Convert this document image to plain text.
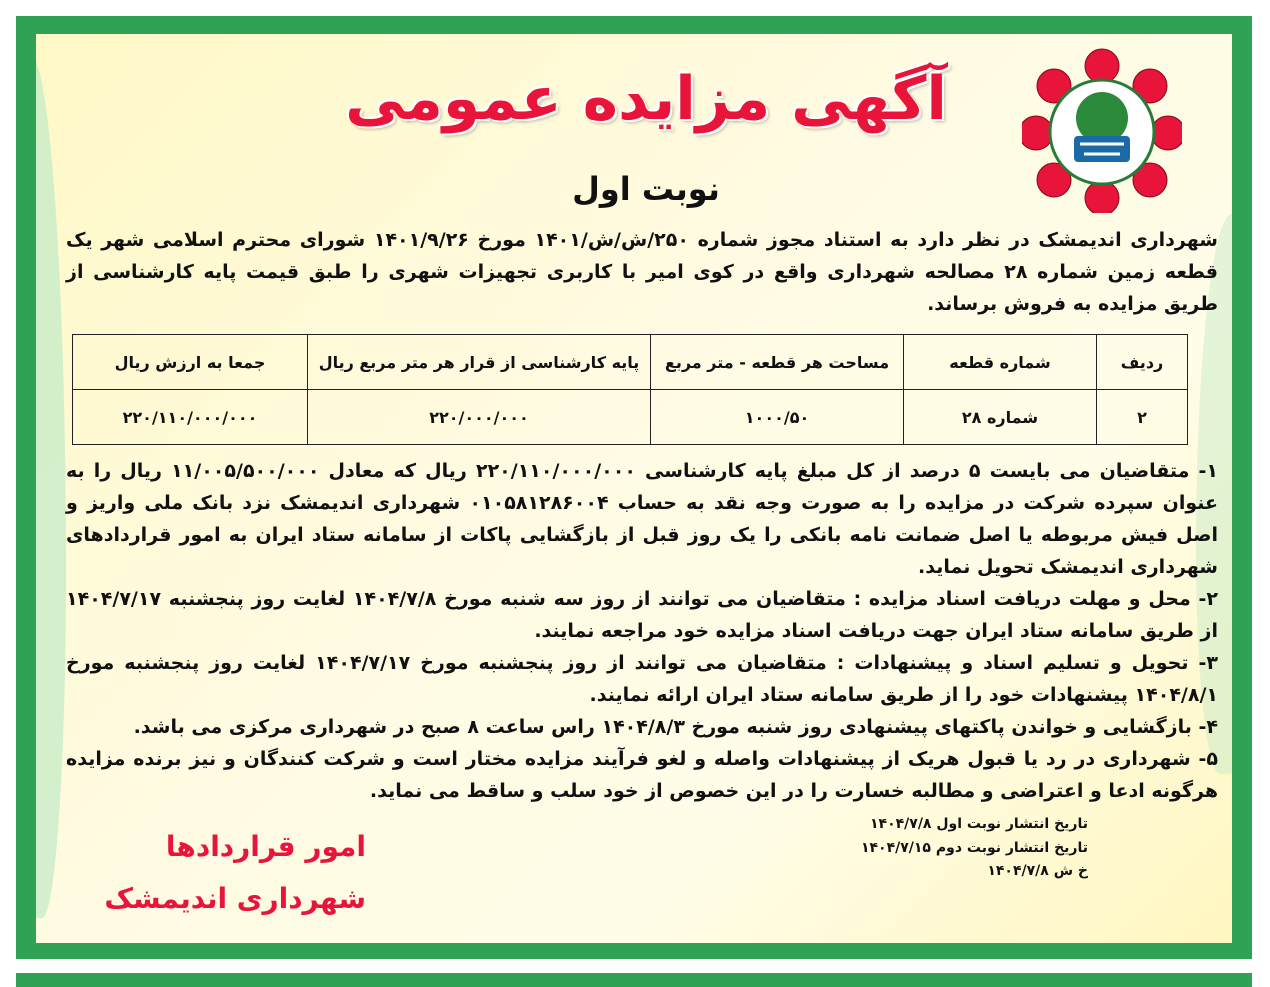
آگهی مزایده عمومی
نوبت اول

شهرداری اندیمشک در نظر دارد به استناد مجوز شماره ۲۵۰/ش/ش/۱۴۰۱ مورخ ۱۴۰۱/۹/۲۶ شورای محترم اسلامی شهر یک قطعه زمین شماره ۲۸ مصالحه شهرداری واقع در کوی امیر با کاربری تجهیزات شهری را طبق قیمت پایه کارشناسی از طریق مزایده به فروش برساند.

ردیف	شماره قطعه	مساحت هر قطعه - متر مربع	پایه کارشناسی از قرار هر متر مربع ریال	جمعا به ارزش ریال
۲	شماره ۲۸	۱۰۰۰/۵۰	۲۲۰/۰۰۰/۰۰۰	۲۲۰/۱۱۰/۰۰۰/۰۰۰

۱- متقاضیان می بایست ۵ درصد از کل مبلغ پایه کارشناسی ۲۲۰/۱۱۰/۰۰۰/۰۰۰ ریال که معادل ۱۱/۰۰۵/۵۰۰/۰۰۰ ریال را به عنوان سپرده شرکت در مزایده را به صورت وجه نقد به حساب ۰۱۰۵۸۱۲۸۶۰۰۴ شهرداری اندیمشک نزد بانک ملی واریز و اصل فیش مربوطه یا اصل ضمانت نامه بانکی را یک روز قبل از بازگشایی پاکات از سامانه ستاد ایران به امور قراردادهای شهرداری اندیمشک تحویل نماید.

۲- محل و مهلت دریافت اسناد مزایده : متقاضیان می توانند از روز سه شنبه مورخ ۱۴۰۴/۷/۸ لغایت روز پنجشنبه ۱۴۰۴/۷/۱۷ از طریق سامانه ستاد ایران جهت دریافت اسناد مزایده خود مراجعه نمایند.

۳- تحویل و تسلیم اسناد و پیشنهادات : متقاضیان می توانند از روز پنجشنبه مورخ ۱۴۰۴/۷/۱۷ لغایت روز پنجشنبه مورخ ۱۴۰۴/۸/۱ پیشنهادات خود را از طریق سامانه ستاد ایران ارائه نمایند.

۴- بازگشایی و خواندن پاکتهای پیشنهادی روز شنبه مورخ ۱۴۰۴/۸/۳ راس ساعت ۸ صبح در شهرداری مرکزی می باشد.

۵- شهرداری در رد یا قبول هریک از پیشنهادات واصله و لغو فرآیند مزایده مختار است و شرکت کنندگان و نیز برنده مزایده هرگونه ادعا و اعتراضی و مطالبه خسارت را در این خصوص از خود سلب و ساقط می نماید.

امور قراردادها
شهرداری اندیمشک
تاریخ انتشار نوبت اول ۱۴۰۴/۷/۸
تاریخ انتشار نوبت دوم ۱۴۰۴/۷/۱۵
خ ش ۱۴۰۴/۷/۸
